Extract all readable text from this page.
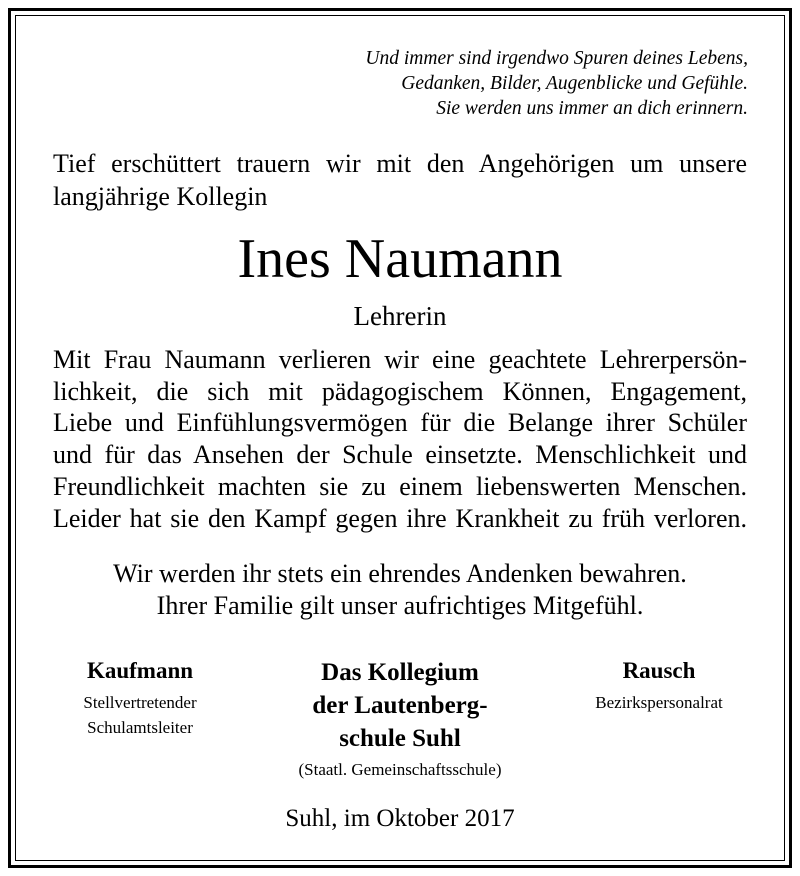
Und immer sind irgendwo Spuren deines Lebens,
Gedanken, Bilder, Augenblicke und Gefühle.
Sie werden uns immer an dich erinnern.
Tief erschüttert trauern wir mit den Angehörigen um unsere
langjährige Kollegin
Ines Naumann
Lehrerin
Mit Frau Naumann verlieren wir eine geachtete Lehrerpersön-
lichkeit, die sich mit pädagogischem Können, Engagement,
Liebe und Einfühlungsvermögen für die Belange ihrer Schüler
und für das Ansehen der Schule einsetzte. Menschlichkeit und
Freundlichkeit machten sie zu einem liebenswerten Menschen.
Leider hat sie den Kampf gegen ihre Krankheit zu früh verloren.
Wir werden ihr stets ein ehrendes Andenken bewahren.
Ihrer Familie gilt unser aufrichtiges Mitgefühl.
Kaufmann
Stellvertretender
Schulamtsleiter
Das Kollegium
der Lautenberg-
schule Suhl
(Staatl. Gemeinschaftsschule)
Rausch
Bezirkspersonalrat
Suhl, im Oktober 2017
